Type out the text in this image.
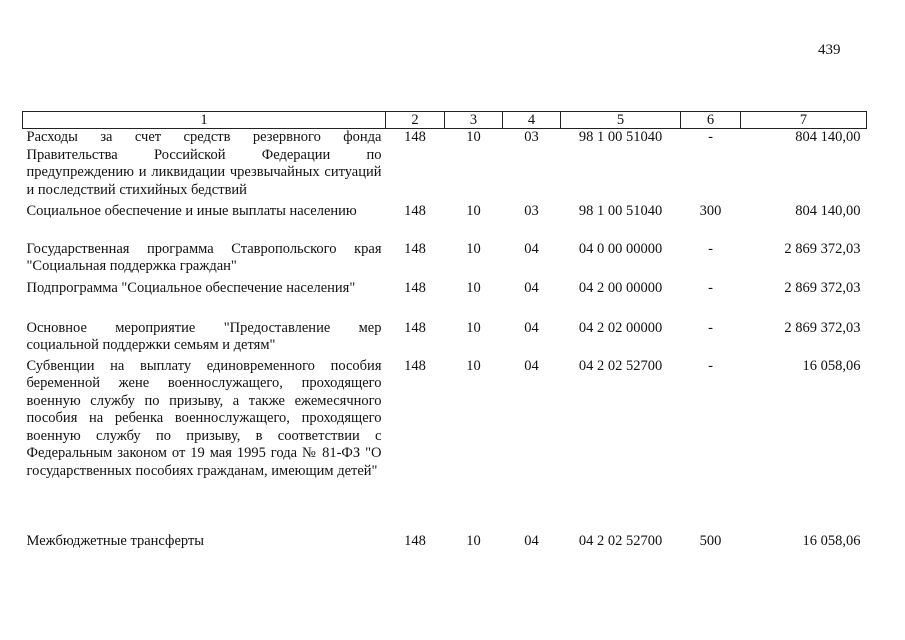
439
1	2	3	4	5	6	7
Расходы за счет средств резервного фонда Правительства Российской Федерации по предупреждению и ликвидации чрезвычайных ситуаций и последствий стихийных бедствий	148	10	03	98 1 00 51040	-	804 140,00
Социальное обеспечение и иные выплаты населению	148	10	03	98 1 00 51040	300	804 140,00
Государственная программа Ставропольского края "Социальная поддержка граждан"	148	10	04	04 0 00 00000	-	2 869 372,03
Подпрограмма "Социальное обеспечение населения"	148	10	04	04 2 00 00000	-	2 869 372,03
Основное мероприятие "Предоставление мер социальной поддержки семьям и детям"	148	10	04	04 2 02 00000	-	2 869 372,03
Субвенции на выплату единовременного пособия беременной жене военнослужащего, проходящего военную службу по призыву, а также ежемесячного пособия на ребенка военнослужащего, проходящего военную службу по призыву, в соответствии с Федеральным законом от 19 мая 1995 года № 81-ФЗ "О государственных пособиях гражданам, имеющим детей"	148	10	04	04 2 02 52700	-	16 058,06
Межбюджетные трансферты	148	10	04	04 2 02 52700	500	16 058,06
